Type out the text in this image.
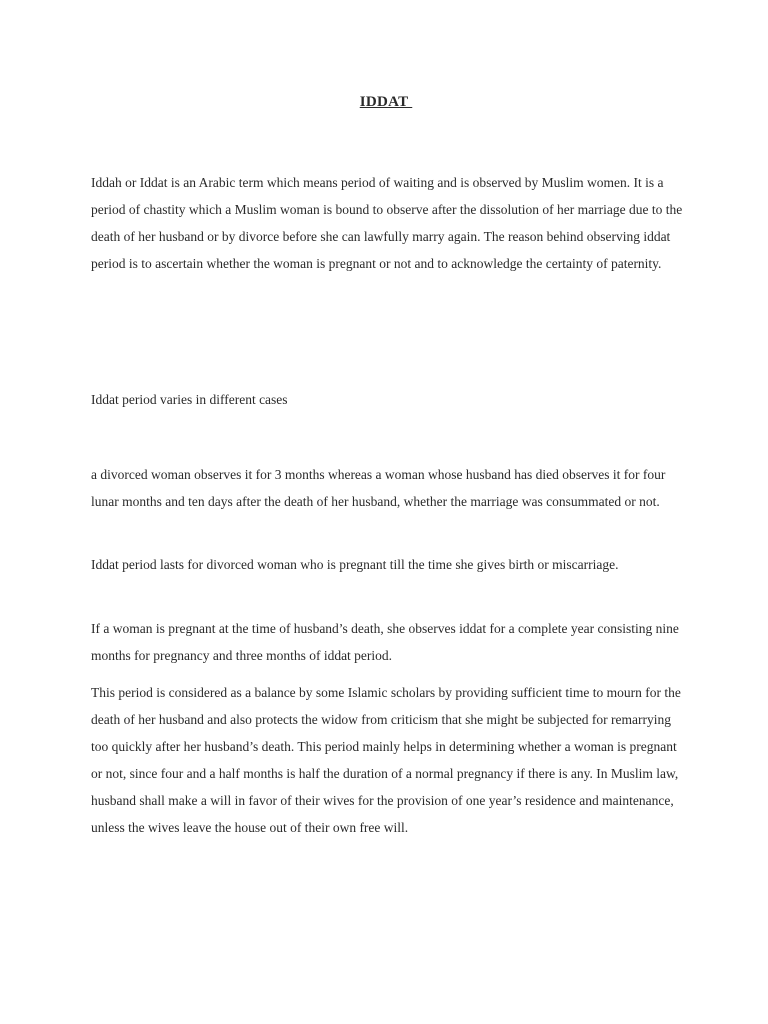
IDDAT

Iddah or Iddat is an Arabic term which means period of waiting and is observed by Muslim women. It is a period of chastity which a Muslim woman is bound to observe after the dissolution of her marriage due to the death of her husband or by divorce before she can lawfully marry again. The reason behind observing iddat period is to ascertain whether the woman is pregnant or not and to acknowledge the certainty of paternity.

Iddat period varies in different cases

a divorced woman observes it for 3 months whereas a woman whose husband has died observes it for four lunar months and ten days after the death of her husband, whether the marriage was consummated or not.

Iddat period lasts for divorced woman who is pregnant till the time she gives birth or miscarriage.

If a woman is pregnant at the time of husband’s death, she observes iddat for a complete year consisting nine months for pregnancy and three months of iddat period.

This period is considered as a balance by some Islamic scholars by providing sufficient time to mourn for the death of her husband and also protects the widow from criticism that she might be subjected for remarrying too quickly after her husband’s death. This period mainly helps in determining whether a woman is pregnant or not, since four and a half months is half the duration of a normal pregnancy if there is any. In Muslim law, husband shall make a will in favor of their wives for the provision of one year’s residence and maintenance, unless the wives leave the house out of their own free will.
